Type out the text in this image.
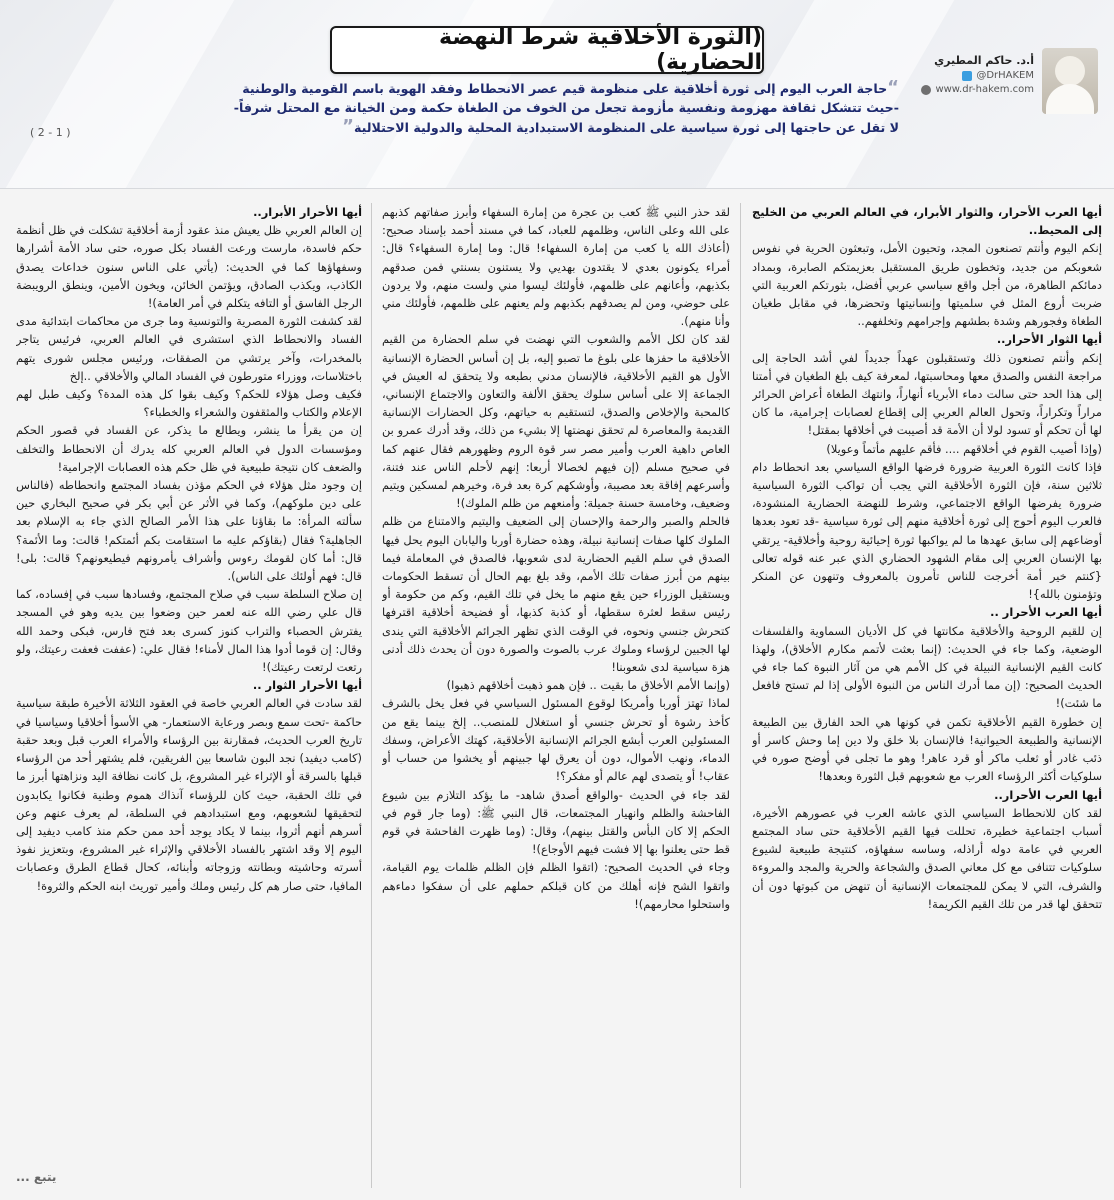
(الثورة الأخلاقية شرط النهضة الحضارية)	أ.د. حاكم المطيري
@DrHAKEM
www.dr-hakem.com
“حاجة العرب اليوم إلى ثورة أخلاقية على منظومة قيم عصر الانحطاط وفقد الهوية باسم القومية والوطنية
-حيث تتشكل ثقافة مهزومة ونفسية مأزومة تجعل من الخوف من الطغاة حكمة ومن الخيانة مع المحتل شرفاً-
لا تقل عن حاجتها إلى ثورة سياسية على المنظومة الاستبدادية المحلية والدولية الاحتلالية”
( 2 - 1 )

أيها العرب الأحرار، والثوار الأبرار، في العالم العربي من الخليج إلى المحيط..

إنكم اليوم وأنتم تصنعون المجد، وتحيون الأمل، وتبعثون الحرية في نفوس شعوبكم من جديد، وتخطون طريق المستقبل بعزيمتكم الصابرة، وبمداد دمائكم الطاهرة، من أجل واقع سياسي عربي أفضل، بثورتكم العربية التي ضربت أروع المثل في سلميتها وإنسانيتها وتحضرها، في مقابل طغيان الطغاة وفجورهم وشدة بطشهم وإجرامهم وتخلفهم..

أيها الثوار الأحرار..

إنكم وأنتم تصنعون ذلك وتستقبلون عهداً جديداً لفي أشد الحاجة إلى مراجعة النفس والصدق معها ومحاسبتها، لمعرفة كيف بلغ الطغيان في أمتنا إلى هذا الحد حتى سالت دماء الأبرياء أنهاراً، وانتهك الطغاة أعراض الحرائر مراراً وتكراراً، وتحول العالم العربي إلى إقطاع لعصابات إجرامية، ما كان لها أن تحكم أو تسود لولا أن الأمة قد أصيبت في أخلاقها بمقتل!

(وإذا أصيب القوم في أخلاقهم .... فأقم عليهم مأتماً وعويلا)

فإذا كانت الثورة العربية ضرورة فرضها الواقع السياسي بعد انحطاط دام ثلاثين سنة، فإن الثورة الأخلاقية التي يجب أن تواكب الثورة السياسية ضرورة يفرضها الواقع الاجتماعي، وشرط للنهضة الحضارية المنشودة، فالعرب اليوم أحوج إلى ثورة أخلاقية منهم إلى ثورة سياسية -قد تعود بعدها أوضاعهم إلى سابق عهدها ما لم يواكبها ثورة إحيائية روحية وأخلاقية- يرتقي بها الإنسان العربي إلى مقام الشهود الحضاري الذي عبر عنه قوله تعالى {كنتم خير أمة أخرجت للناس تأمرون بالمعروف وتنهون عن المنكر وتؤمنون بالله}!

أيها العرب الأحرار ..

إن للقيم الروحية والأخلاقية مكانتها في كل الأديان السماوية والفلسفات الوضعية، وكما جاء في الحديث: (إنما بعثت لأتمم مكارم الأخلاق)، ولهذا كانت القيم الإنسانية النبيلة في كل الأمم هي من آثار النبوة كما جاء في الحديث الصحيح: (إن مما أدرك الناس من النبوة الأولى إذا لم تستح فافعل ما شئت)!

إن خطورة القيم الأخلاقية تكمن في كونها هي الحد الفارق بين الطبيعة الإنسانية والطبيعة الحيوانية! فالإنسان بلا خلق ولا دين إما وحش كاسر أو ذئب غادر أو ثعلب ماكر أو قرد عاهر! وهو ما تجلى في أوضح صوره في سلوكيات أكثر الرؤساء العرب مع شعوبهم قبل الثورة وبعدها!

أيها العرب الأحرار..

لقد كان للانحطاط السياسي الذي عاشه العرب في عصورهم الأخيرة، أسباب اجتماعية خطيرة، تحللت فيها القيم الأخلاقية حتى ساد المجتمع العربي في عامة دوله أراذله، وساسه سفهاؤه، كنتيجة طبيعية لشيوع سلوكيات تتنافى مع كل معاني الصدق والشجاعة والحرية والمجد والمروءة والشرف، التي لا يمكن للمجتمعات الإنسانية أن تنهض من كبوتها دون أن تتحقق لها قدر من تلك القيم الكريمة!

لقد حذر النبي ﷺ كعب بن عجرة من إمارة السفهاء وأبرز صفاتهم كذبهم على الله وعلى الناس، وظلمهم للعباد، كما في مسند أحمد بإسناد صحيح: (أعاذك الله يا كعب من إمارة السفهاء! قال: وما إمارة السفهاء؟ قال: أمراء يكونون بعدي لا يقتدون بهديي ولا يستنون بسنتي فمن صدقهم بكذبهم، وأعانهم على ظلمهم، فأولئك ليسوا مني ولست منهم، ولا يردون على حوضي، ومن لم يصدقهم بكذبهم ولم يعنهم على ظلمهم، فأولئك مني وأنا منهم).

لقد كان لكل الأمم والشعوب التي نهضت في سلم الحضارة من القيم الأخلاقية ما حفزها على بلوغ ما تصبو إليه، بل إن أساس الحضارة الإنسانية الأول هو القيم الأخلاقية، فالإنسان مدني بطبعه ولا يتحقق له العيش في الجماعة إلا على أساس سلوك يحقق الألفة والتعاون والاجتماع الإنساني، كالمحبة والإخلاص والصدق، لتستقيم به حياتهم، وكل الحضارات الإنسانية القديمة والمعاصرة لم تحقق نهضتها إلا بشيء من ذلك، وقد أدرك عمرو بن العاص داهية العرب وأمير مصر سر قوة الروم وظهورهم فقال عنهم كما في صحيح مسلم (إن فيهم لخصالا أربعا: إنهم لأحلم الناس عند فتنة، وأسرعهم إفاقة بعد مصيبة، وأوشكهم كرة بعد فرة، وخيرهم لمسكين ويتيم وضعيف، وخامسة حسنة جميلة: وأمنعهم من ظلم الملوك)!

فالحلم والصبر والرحمة والإحسان إلى الضعيف واليتيم والامتناع من ظلم الملوك كلها صفات إنسانية نبيلة، وهذه حضارة أوربا واليابان اليوم يحل فيها الصدق في سلم القيم الحضارية لدى شعوبها، فالصدق في المعاملة فيما بينهم من أبرز صفات تلك الأمم، وقد بلغ بهم الحال أن تسقط الحكومات ويستقيل الوزراء حين يقع منهم ما يخل في تلك القيم، وكم من حكومة أو رئيس سقط لعثرة سقطها، أو كذبة كذبها، أو فضيحة أخلاقية اقترفها كتحرش جنسي ونحوه، في الوقت الذي تظهر الجرائم الأخلاقية التي يندى لها الجبين لرؤساء وملوك عرب بالصوت والصورة دون أن يحدث ذلك أدنى هزة سياسية لدى شعوبنا!

(وإنما الأمم الأخلاق ما بقيت .. فإن همو ذهبت أخلاقهم ذهبوا)

لماذا تهتز أوربا وأمريكا لوقوع المسئول السياسي في فعل يخل بالشرف كأخذ رشوة أو تحرش جنسي أو استغلال للمنصب.. إلخ بينما يقع من المسئولين العرب أبشع الجرائم الإنسانية الأخلاقية، كهتك الأعراض، وسفك الدماء، ونهب الأموال، دون أن يعرق لها جبينهم أو يخشوا من حساب أو عقاب! أو يتصدى لهم عالم أو مفكر؟!

لقد جاء في الحديث -والواقع أصدق شاهد- ما يؤكد التلازم بين شيوع الفاحشة والظلم وانهيار المجتمعات، قال النبي ﷺ: (وما جار قوم في الحكم إلا كان البأس والقتل بينهم)، وقال: (وما ظهرت الفاحشة في قوم قط حتى يعلنوا بها إلا فشت فيهم الأوجاع)!

وجاء في الحديث الصحيح: (اتقوا الظلم فإن الظلم ظلمات يوم القيامة، واتقوا الشح فإنه أهلك من كان قبلكم حملهم على أن سفكوا دماءهم واستحلوا محارمهم)!

أيها الأحرار الأبرار..

إن العالم العربي ظل يعيش منذ عقود أزمة أخلاقية تشكلت في ظل أنظمة حكم فاسدة، مارست ورعت الفساد بكل صوره، حتى ساد الأمة أشرارها وسفهاؤها كما في الحديث: (يأتي على الناس سنون خداعات يصدق الكاذب، ويكذب الصادق، ويؤتمن الخائن، ويخون الأمين، وينطق الرويبضة الرجل الفاسق أو التافه يتكلم في أمر العامة)!

لقد كشفت الثورة المصرية والتونسية وما جرى من محاكمات ابتدائية مدى الفساد والانحطاط الذي استشرى في العالم العربي، فرئيس يتاجر بالمخدرات، وآخر يرتشي من الصفقات، ورئيس مجلس شورى يتهم باختلاسات، ووزراء متورطون في الفساد المالي والأخلاقي ..إلخ

فكيف وصل هؤلاء للحكم؟ وكيف بقوا كل هذه المدة؟ وكيف طبل لهم الإعلام والكتاب والمثقفون والشعراء والخطباء؟

إن من يقرأ ما ينشر، ويطالع ما يذكر، عن الفساد في قصور الحكم ومؤسسات الدول في العالم العربي كله يدرك أن الانحطاط والتخلف والضعف كان نتيجة طبيعية في ظل حكم هذه العصابات الإجرامية!

إن وجود مثل هؤلاء في الحكم مؤذن بفساد المجتمع وانحطاطه (فالناس على دين ملوكهم)، وكما في الأثر عن أبي بكر في صحيح البخاري حين سألته المرأة: ما بقاؤنا على هذا الأمر الصالح الذي جاء به الإسلام بعد الجاهلية؟ فقال (بقاؤكم عليه ما استقامت بكم أئمتكم! قالت: وما الأئمة؟ قال: أما كان لقومك رءوس وأشراف يأمرونهم فيطيعونهم؟ قالت: بلى! قال: فهم أولئك على الناس).

إن صلاح السلطة سبب في صلاح المجتمع، وفسادها سبب في إفساده، كما قال علي رضي الله عنه لعمر حين وضعوا بين يديه وهو في المسجد يفترش الحصباء والتراب كنوز كسرى بعد فتح فارس، فبكى وحمد الله وقال: إن قوما أدوا هذا المال لأمناء! فقال علي: (عففت فعفت رعيتك، ولو رتعت لرتعت رعيتك)!

أيها الأحرار الثوار ..

لقد سادت في العالم العربي خاصة في العقود الثلاثة الأخيرة طبقة سياسية حاكمة -تحت سمع وبصر ورعاية الاستعمار- هي الأسوأ أخلاقيا وسياسيا في تاريخ العرب الحديث، فمقارنة بين الرؤساء والأمراء العرب قبل وبعد حقبة (كامب ديفيد) نجد البون شاسعا بين الفريقين، فلم يشتهر أحد من الرؤساء قبلها بالسرقة أو الإثراء غير المشروع، بل كانت نظافة اليد ونزاهتها أبرز ما في تلك الحقبة، حيث كان للرؤساء آنذاك هموم وطنية فكانوا يكابدون لتحقيقها لشعوبهم، ومع استبدادهم في السلطة، لم يعرف عنهم وعن أسرهم أنهم أثروا، بينما لا يكاد يوجد أحد ممن حكم منذ كامب ديفيد إلى اليوم إلا وقد اشتهر بالفساد الأخلاقي والإثراء غير المشروع، وبتعزيز نفوذ أسرته وحاشيته وبطانته وزوجاته وأبنائه، كحال قطاع الطرق وعصابات المافيا، حتى صار هم كل رئيس وملك وأمير توريث ابنه الحكم والثروة!

يتبع ...
